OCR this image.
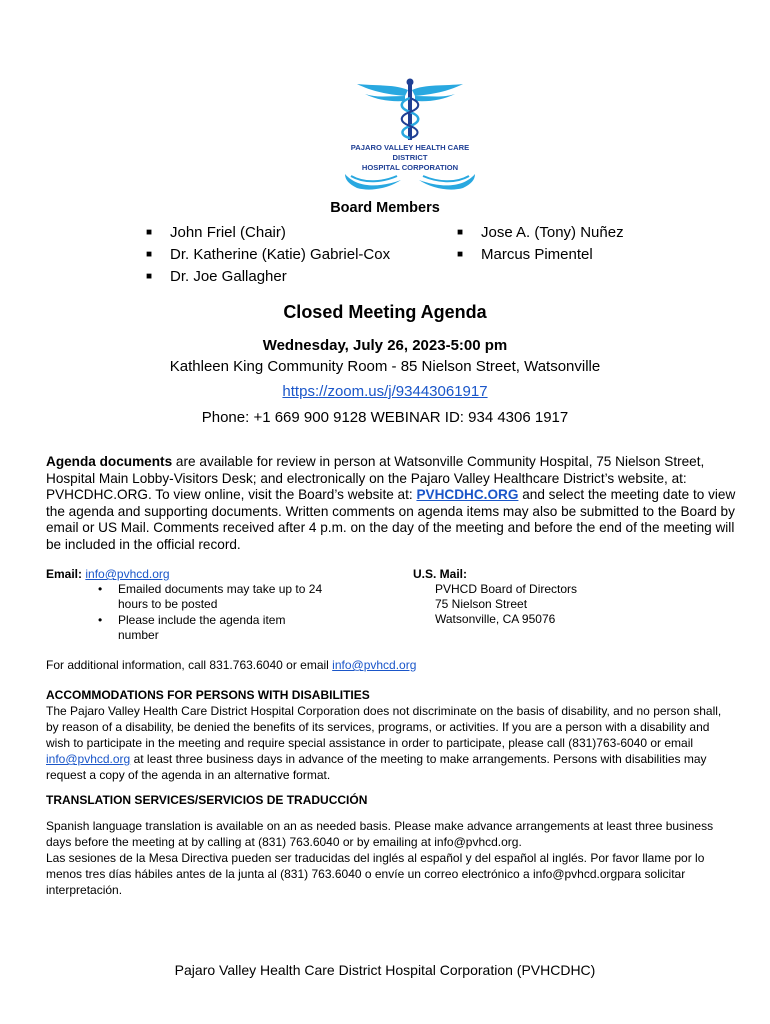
PAJARO VALLEY HEALTH CARE DISTRICT
HOSPITAL CORPORATION
Board Members
■ John Friel (Chair)
■ Dr. Katherine (Katie) Gabriel-Cox
■ Dr. Joe Gallagher
■ Jose A. (Tony) Nuñez
■ Marcus Pimentel
Closed Meeting Agenda
Wednesday, July 26, 2023-5:00 pm
Kathleen King Community Room - 85 Nielson Street, Watsonville
https://zoom.us/j/93443061917
Phone: +1 669 900 9128 WEBINAR ID: 934 4306 1917
Agenda documents are available for review in person at Watsonville Community Hospital, 75 Nielson Street, Hospital Main Lobby-Visitors Desk; and electronically on the Pajaro Valley Healthcare District’s website, at: PVHCDHC.ORG. To view online, visit the Board’s website at: PVHCDHC.ORG and select the meeting date to view the agenda and supporting documents. Written comments on agenda items may also be submitted to the Board by email or US Mail. Comments received after 4 p.m. on the day of the meeting and before the end of the meeting will be included in the official record.
Email: info@pvhcd.org
• Emailed documents may take up to 24 hours to be posted
• Please include the agenda item number
U.S. Mail:
PVHCD Board of Directors
75 Nielson Street
Watsonville, CA 95076
For additional information, call 831.763.6040 or email info@pvhcd.org
ACCOMMODATIONS FOR PERSONS WITH DISABILITIES
The Pajaro Valley Health Care District Hospital Corporation does not discriminate on the basis of disability, and no person shall, by reason of a disability, be denied the benefits of its services, programs, or activities. If you are a person with a disability and wish to participate in the meeting and require special assistance in order to participate, please call (831)763-6040 or email info@pvhcd.org at least three business days in advance of the meeting to make arrangements. Persons with disabilities may request a copy of the agenda in an alternative format.
TRANSLATION SERVICES/SERVICIOS DE TRADUCCIÓN
Spanish language translation is available on an as needed basis. Please make advance arrangements at least three business days before the meeting at by calling at (831) 763.6040 or by emailing at info@pvhcd.org.
Las sesiones de la Mesa Directiva pueden ser traducidas del inglés al español y del español al inglés. Por favor llame por lo menos tres días hábiles antes de la junta al (831) 763.6040 o envíe un correo electrónico a info@pvhcd.orgpara solicitar interpretación.
Pajaro Valley Health Care District Hospital Corporation (PVHCDHC)
